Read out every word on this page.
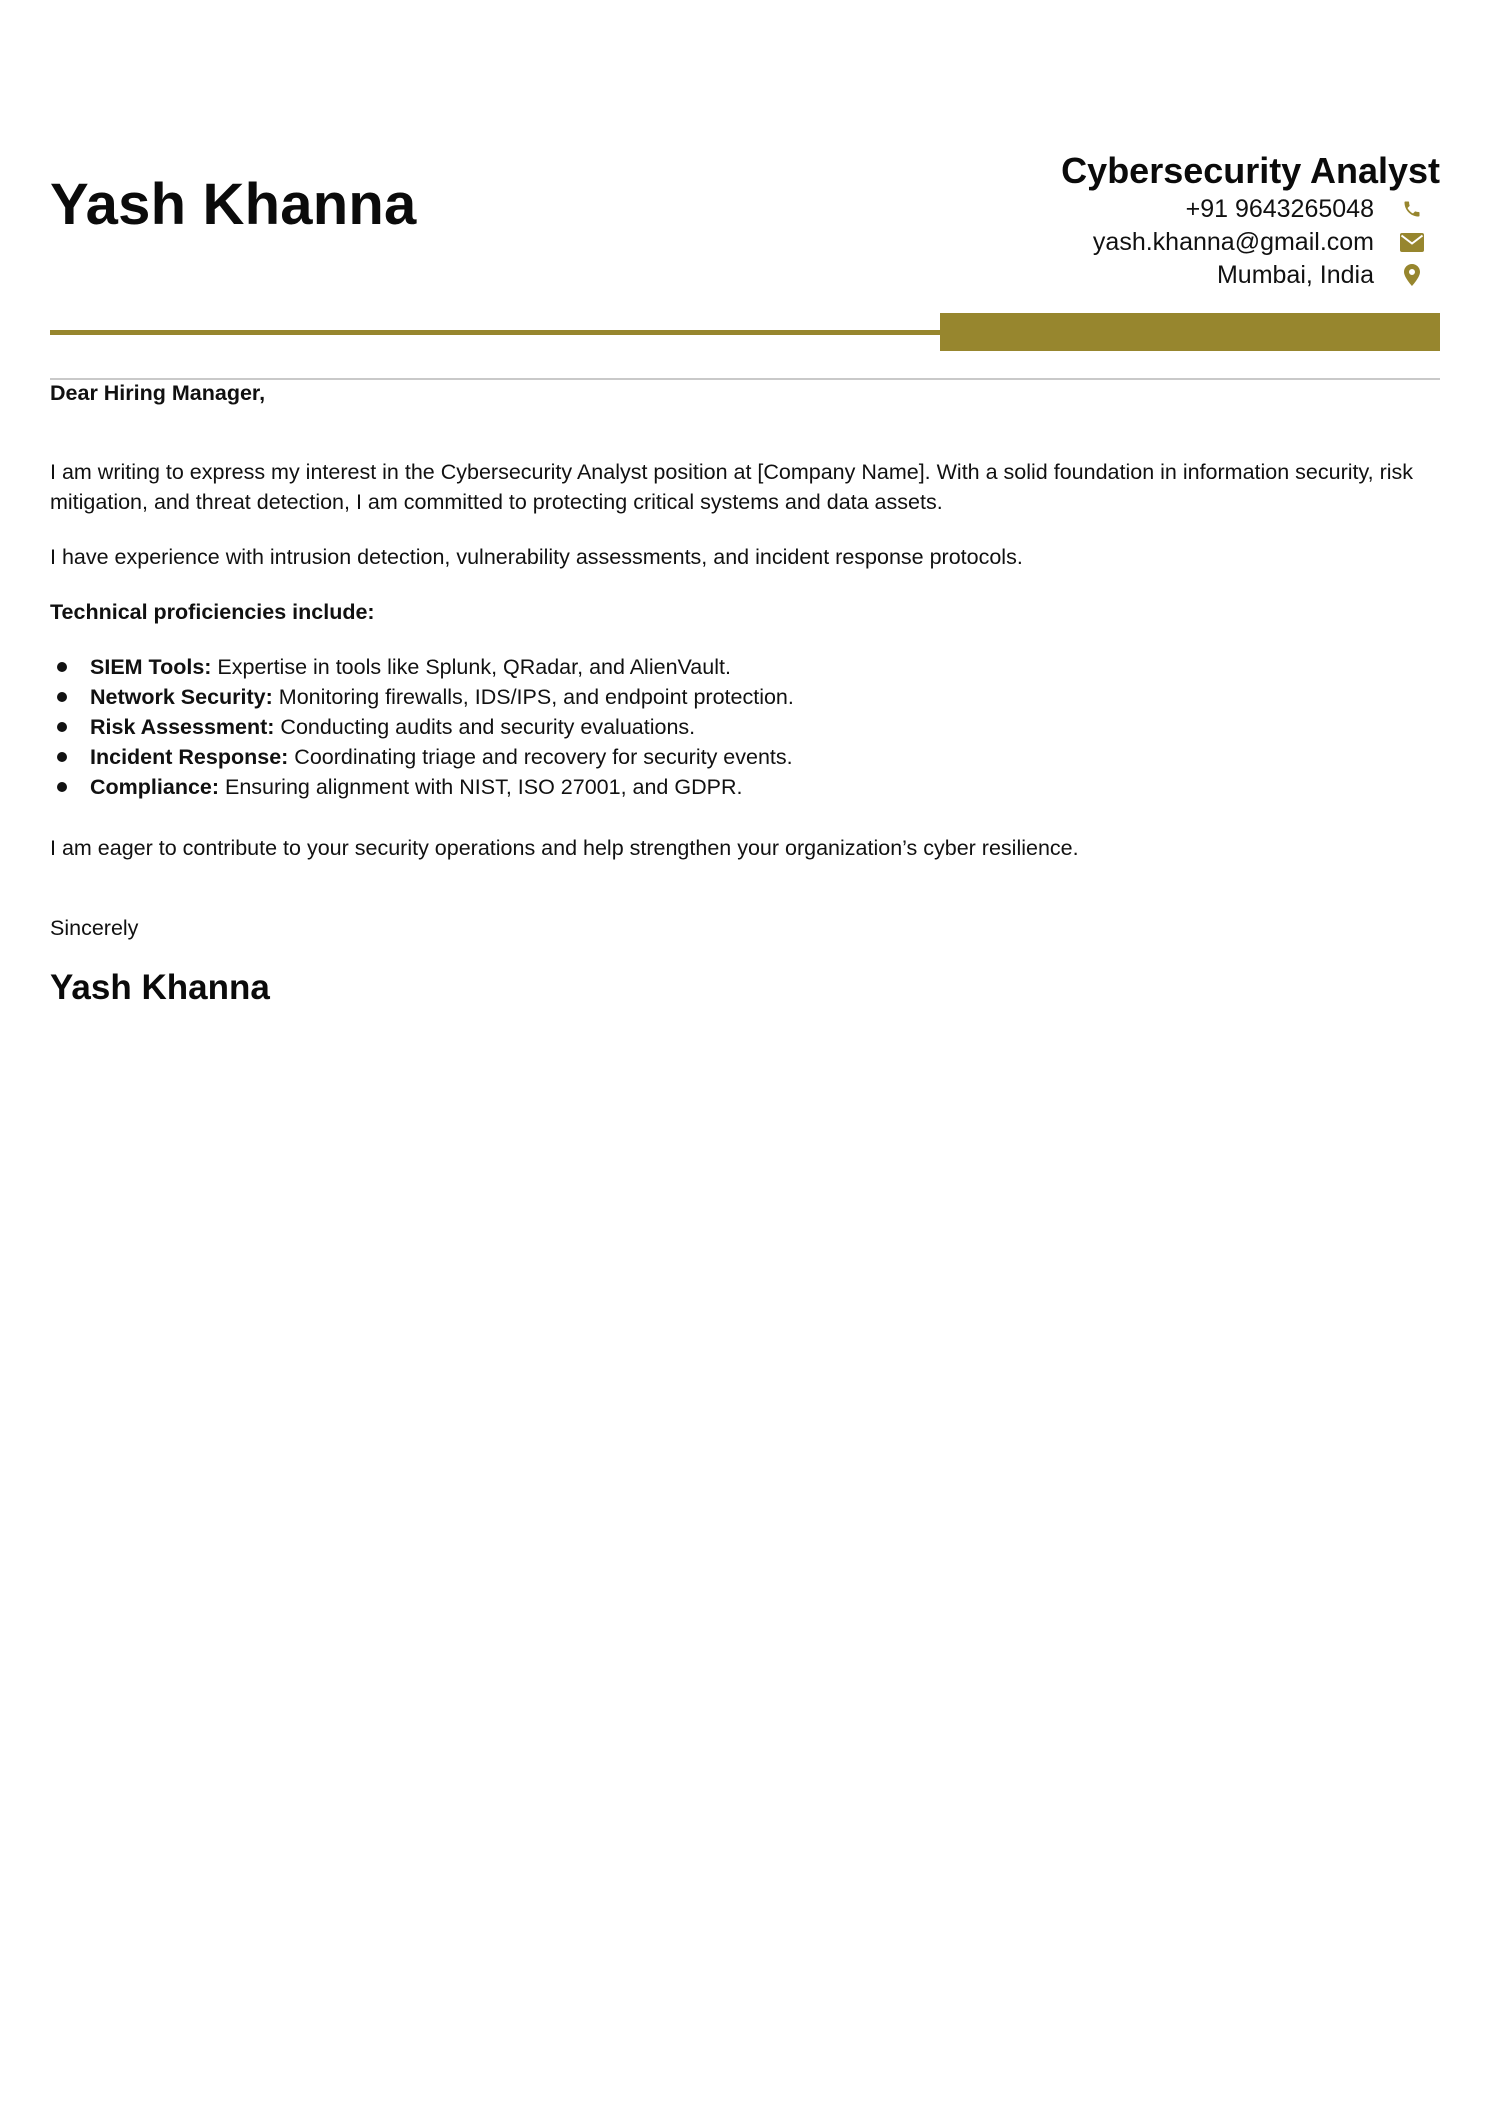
Yash Khanna
Cybersecurity Analyst
+91 9643265048
yash.khanna@gmail.com
Mumbai, India

Dear Hiring Manager,

I am writing to express my interest in the Cybersecurity Analyst position at [Company Name]. With a solid foundation in information security, risk mitigation, and threat detection, I am committed to protecting critical systems and data assets.

I have experience with intrusion detection, vulnerability assessments, and incident response protocols.

Technical proficiencies include:

SIEM Tools: Expertise in tools like Splunk, QRadar, and AlienVault.
Network Security: Monitoring firewalls, IDS/IPS, and endpoint protection.
Risk Assessment: Conducting audits and security evaluations.
Incident Response: Coordinating triage and recovery for security events.
Compliance: Ensuring alignment with NIST, ISO 27001, and GDPR.

I am eager to contribute to your security operations and help strengthen your organization’s cyber resilience.

Sincerely

Yash Khanna
